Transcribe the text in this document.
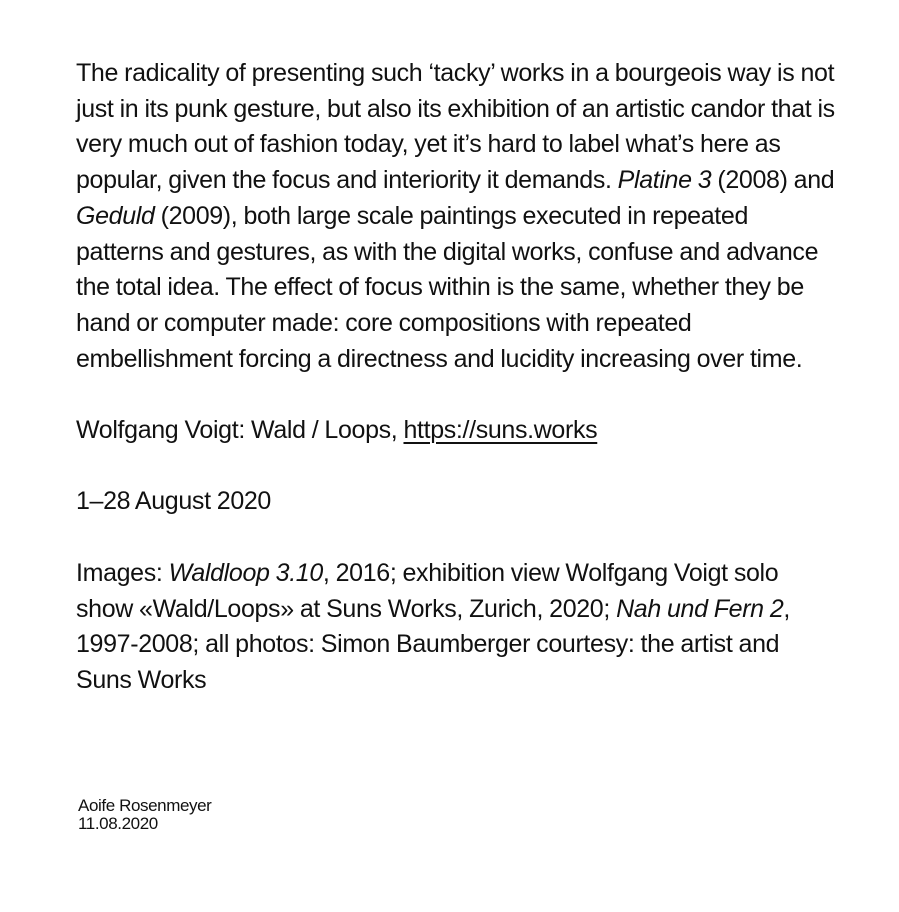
The radicality of presenting such ‘tacky’ works in a bourgeois way is not just in its punk gesture, but also its exhibition of an artistic candor that is very much out of fashion today, yet it’s hard to label what’s here as popular, given the focus and interiority it demands. Platine 3 (2008) and Geduld (2009), both large scale paintings executed in repeated patterns and gestures, as with the digital works, confuse and advance the total idea. The effect of focus within is the same, whether they be hand or computer made: core compositions with repeated embellishment forcing a directness and lucidity increasing over time.

Wolfgang Voigt: Wald / Loops, https://suns.works

1–28 August 2020

Images: Waldloop 3.10, 2016; exhibition view Wolfgang Voigt solo show «Wald/Loops» at Suns Works, Zurich, 2020; Nah und Fern 2, 1997-2008; all photos: Simon Baumberger courtesy: the artist and Suns Works

Aoife Rosenmeyer
11.08.2020
